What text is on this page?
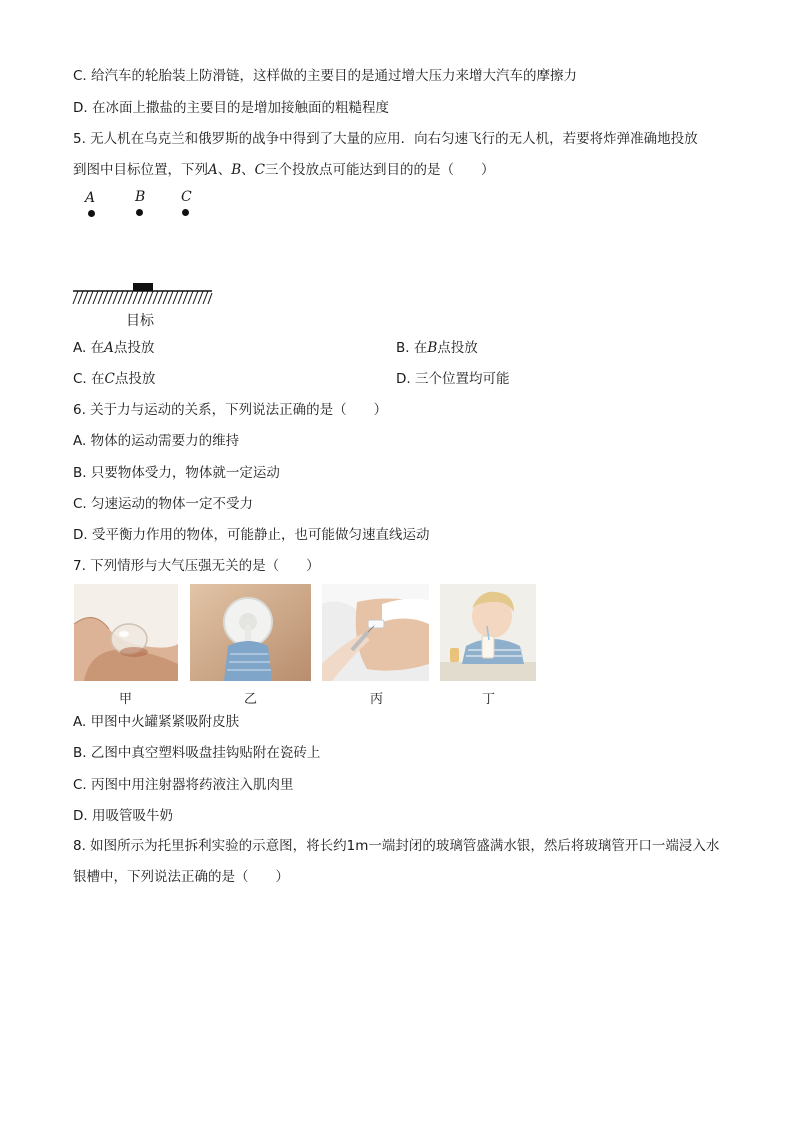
C. 给汽车的轮胎装上防滑链，这样做的主要目的是通过增大压力来增大汽车的摩擦力
D. 在冰面上撒盐的主要目的是增加接触面的粗糙程度
5. 无人机在乌克兰和俄罗斯的战争中得到了大量的应用．向右匀速飞行的无人机，若要将炸弹准确地投放
到图中目标位置，下列A、B、C三个投放点可能达到目的的是（　　）
A	B	C
目标
A. 在A点投放	B. 在B点投放
C. 在C点投放	D. 三个位置均可能
6. 关于力与运动的关系，下列说法正确的是（　　）
A. 物体的运动需要力的维持
B. 只要物体受力，物体就一定运动
C. 匀速运动的物体一定不受力
D. 受平衡力作用的物体，可能静止，也可能做匀速直线运动
7. 下列情形与大气压强无关的是（　　）
甲	乙	丙	丁
A. 甲图中火罐紧紧吸附皮肤
B. 乙图中真空塑料吸盘挂钩贴附在瓷砖上
C. 丙图中用注射器将药液注入肌肉里
D. 用吸管吸牛奶
8. 如图所示为托里拆利实验的示意图，将长约1m一端封闭的玻璃管盛满水银，然后将玻璃管开口一端浸入水银槽中，下列说法正确的是（　　）
